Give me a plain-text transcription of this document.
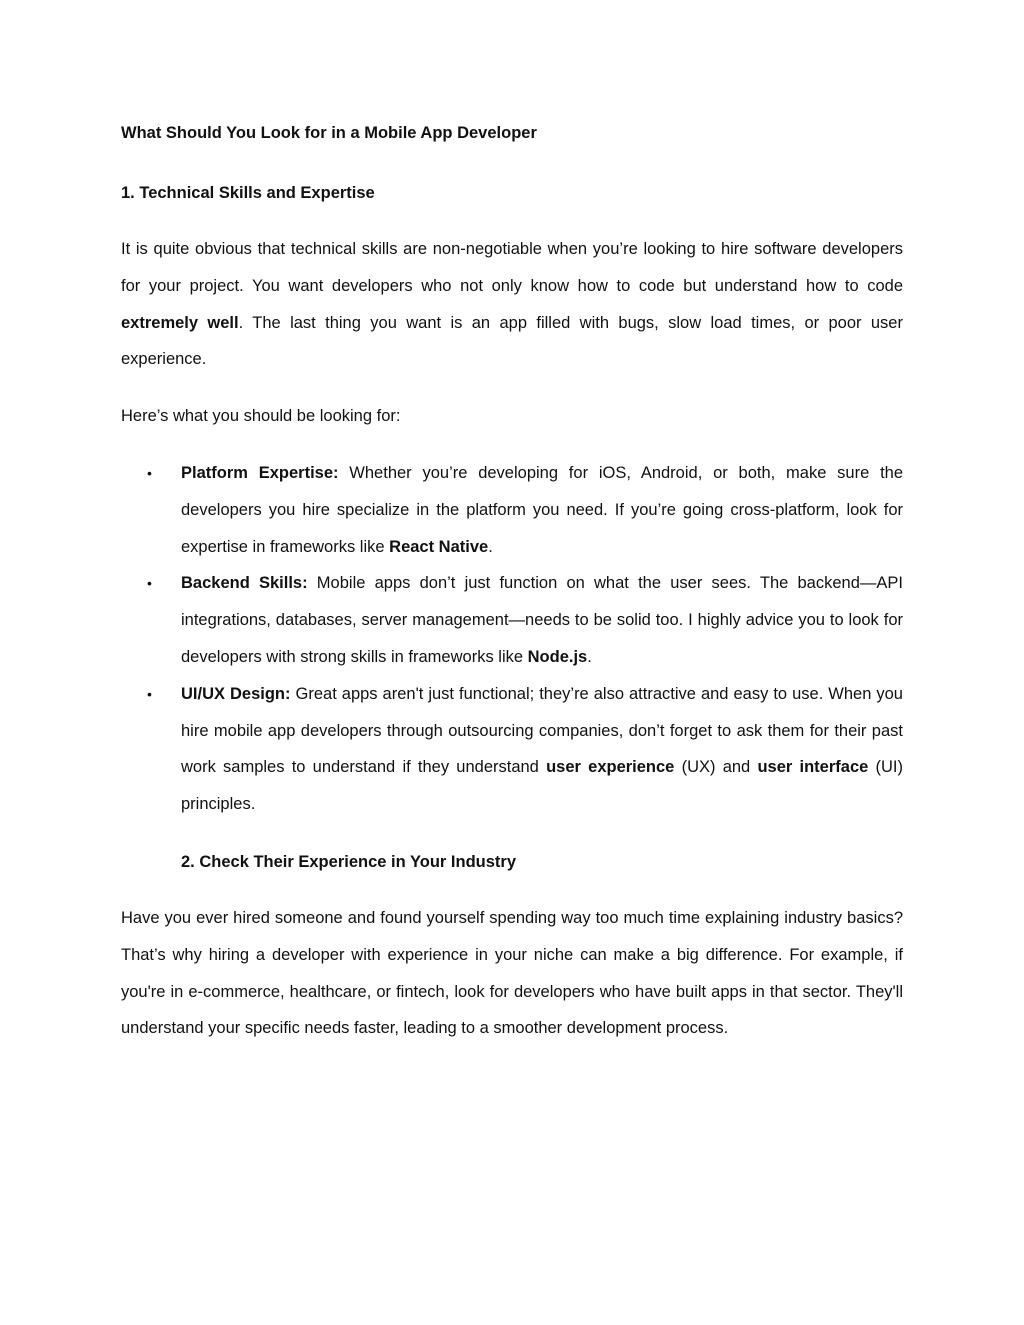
What Should You Look for in a Mobile App Developer
1. Technical Skills and Expertise

It is quite obvious that technical skills are non-negotiable when you’re looking to hire software developers for your project. You want developers who not only know how to code but understand how to code extremely well. The last thing you want is an app filled with bugs, slow load times, or poor user experience.

Here’s what you should be looking for:

• Platform Expertise: Whether you’re developing for iOS, Android, or both, make sure the developers you hire specialize in the platform you need. If you’re going cross-platform, look for expertise in frameworks like React Native.
• Backend Skills: Mobile apps don’t just function on what the user sees. The backend—API integrations, databases, server management—needs to be solid too. I highly advice you to look for developers with strong skills in frameworks like Node.js.
• UI/UX Design: Great apps aren't just functional; they’re also attractive and easy to use. When you hire mobile app developers through outsourcing companies, don’t forget to ask them for their past work samples to understand if they understand user experience (UX) and user interface (UI) principles.
2. Check Their Experience in Your Industry

Have you ever hired someone and found yourself spending way too much time explaining industry basics? That’s why hiring a developer with experience in your niche can make a big difference. For example, if you're in e-commerce, healthcare, or fintech, look for developers who have built apps in that sector. They'll understand your specific needs faster, leading to a smoother development process.
